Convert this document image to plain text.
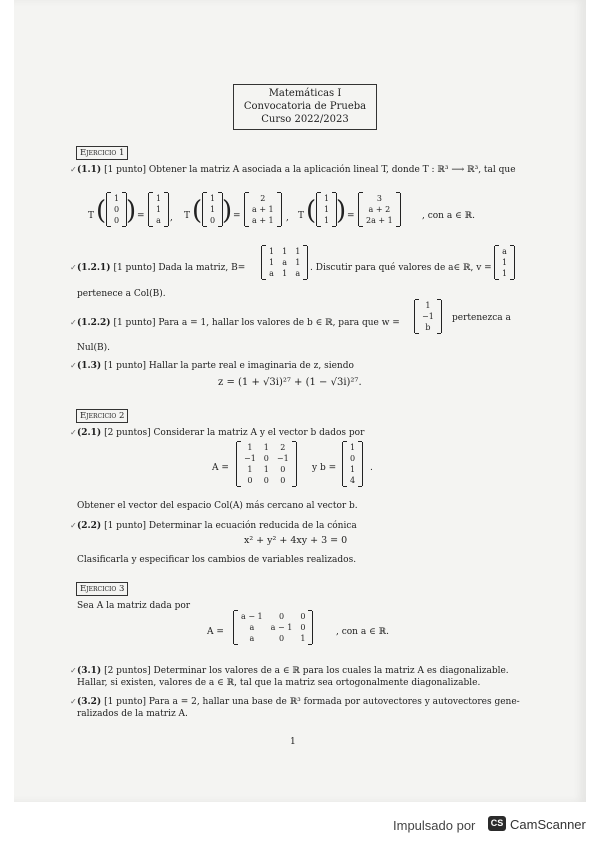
Matemáticas I
Convocatoria de Prueba
Curso 2022/2023
Ejercicio 1
✓ (1.1) [1 punto] Obtener la matriz A asociada a la aplicación lineal T, donde T : ℝ³ ⟶ ℝ³, tal que
T ( 1
0
0 ) =
1
1
a , T ( 1
1
0 ) =
2
a + 1
a + 1 , T ( 1
1
1 ) =
3
a + 2
2a + 1	, con a ∈ ℝ.
✓ (1.2.1) [1 punto] Dada la matriz, B=
1	1	1
1	a	1
a	1	a
. Discutir para qué valores de a∈ ℝ, v =
a
1
1
pertenece a Col(B).
✓ (1.2.2) [1 punto] Para a = 1, hallar los valores de b ∈ ℝ, para que w =
1
−1
b
pertenezca a
Nul(B).
✓ (1.3) [1 punto] Hallar la parte real e imaginaria de z, siendo
z = (1 + √3i)²⁷ + (1 − √3i)²⁷.
Ejercicio 2
✓ (2.1) [2 puntos] Considerar la matriz A y el vector b dados por
A =
1	1	2
−1	0	−1
1	1	0
0	0	0
y b =
1
0
1
4
.
Obtener el vector del espacio Col(A) más cercano al vector b.
✓ (2.2) [1 punto] Determinar la ecuación reducida de la cónica
x² + y² + 4xy + 3 = 0
Clasificarla y especificar los cambios de variables realizados.
Ejercicio 3
Sea A la matriz dada por
A =
a − 1	0	0
a	a − 1	0
a	0	1
, con a ∈ ℝ.
✓ (3.1) [2 puntos] Determinar los valores de a ∈ ℝ para los cuales la matriz A es diagonalizable.
Hallar, si existen, valores de a ∈ ℝ, tal que la matriz sea ortogonalmente diagonalizable.
✓ (3.2) [1 punto] Para a = 2, hallar una base de ℝ³ formada por autovectores y autovectores gene-
ralizados de la matriz A.
1
Impulsado por	CS CamScanner
